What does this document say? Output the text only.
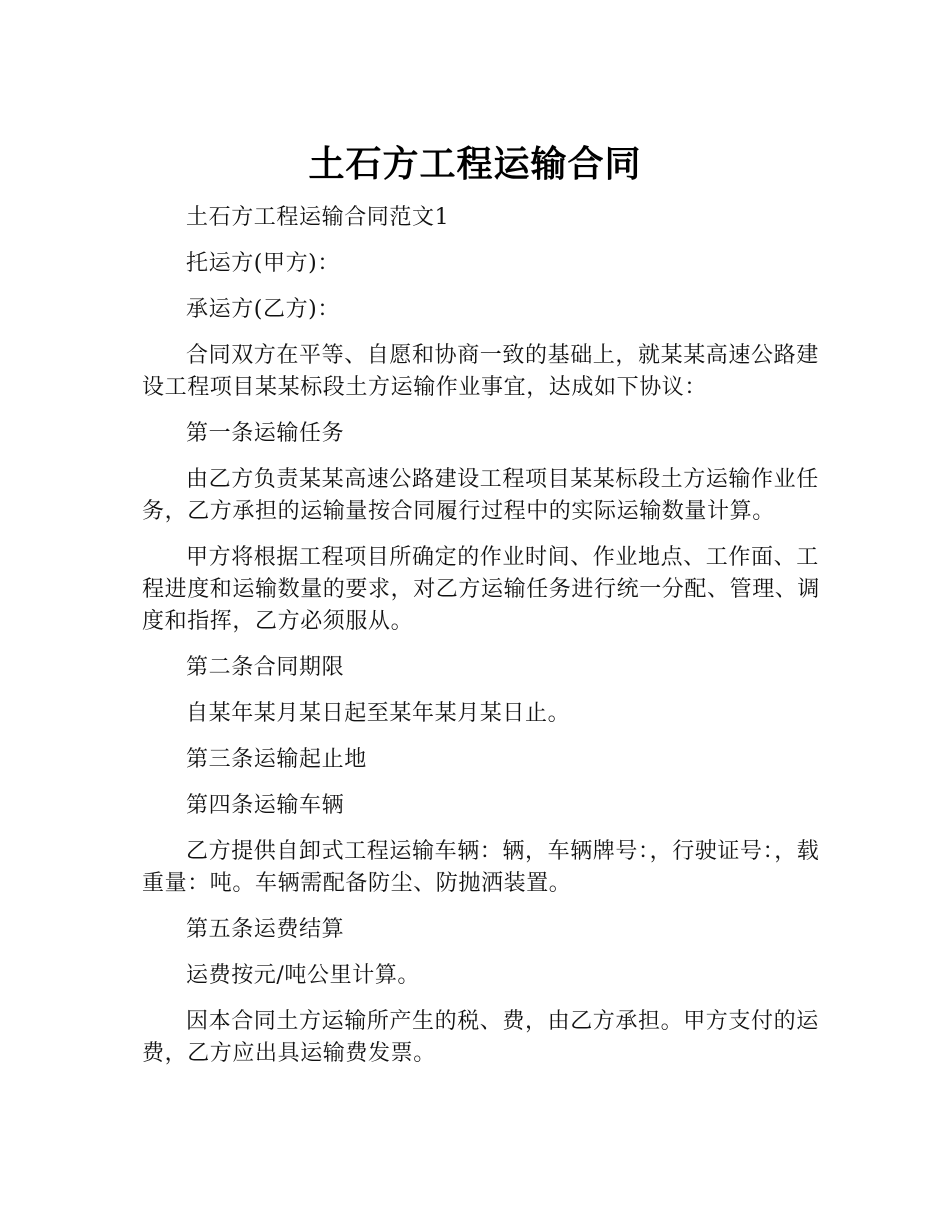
土石方工程运输合同

土石方工程运输合同范文1

托运方(甲方)：

承运方(乙方)：

合同双方在平等、自愿和协商一致的基础上，就某某高速公路建设工程项目某某标段土方运输作业事宜，达成如下协议：

第一条运输任务

由乙方负责某某高速公路建设工程项目某某标段土方运输作业任务，乙方承担的运输量按合同履行过程中的实际运输数量计算。

甲方将根据工程项目所确定的作业时间、作业地点、工作面、工程进度和运输数量的要求，对乙方运输任务进行统一分配、管理、调度和指挥，乙方必须服从。

第二条合同期限

自某年某月某日起至某年某月某日止。

第三条运输起止地

第四条运输车辆

乙方提供自卸式工程运输车辆：辆，车辆牌号：，行驶证号：，载重量：吨。车辆需配备防尘、防抛洒装置。

第五条运费结算

运费按元/吨公里计算。

因本合同土方运输所产生的税、费，由乙方承担。甲方支付的运费，乙方应出具运输费发票。
